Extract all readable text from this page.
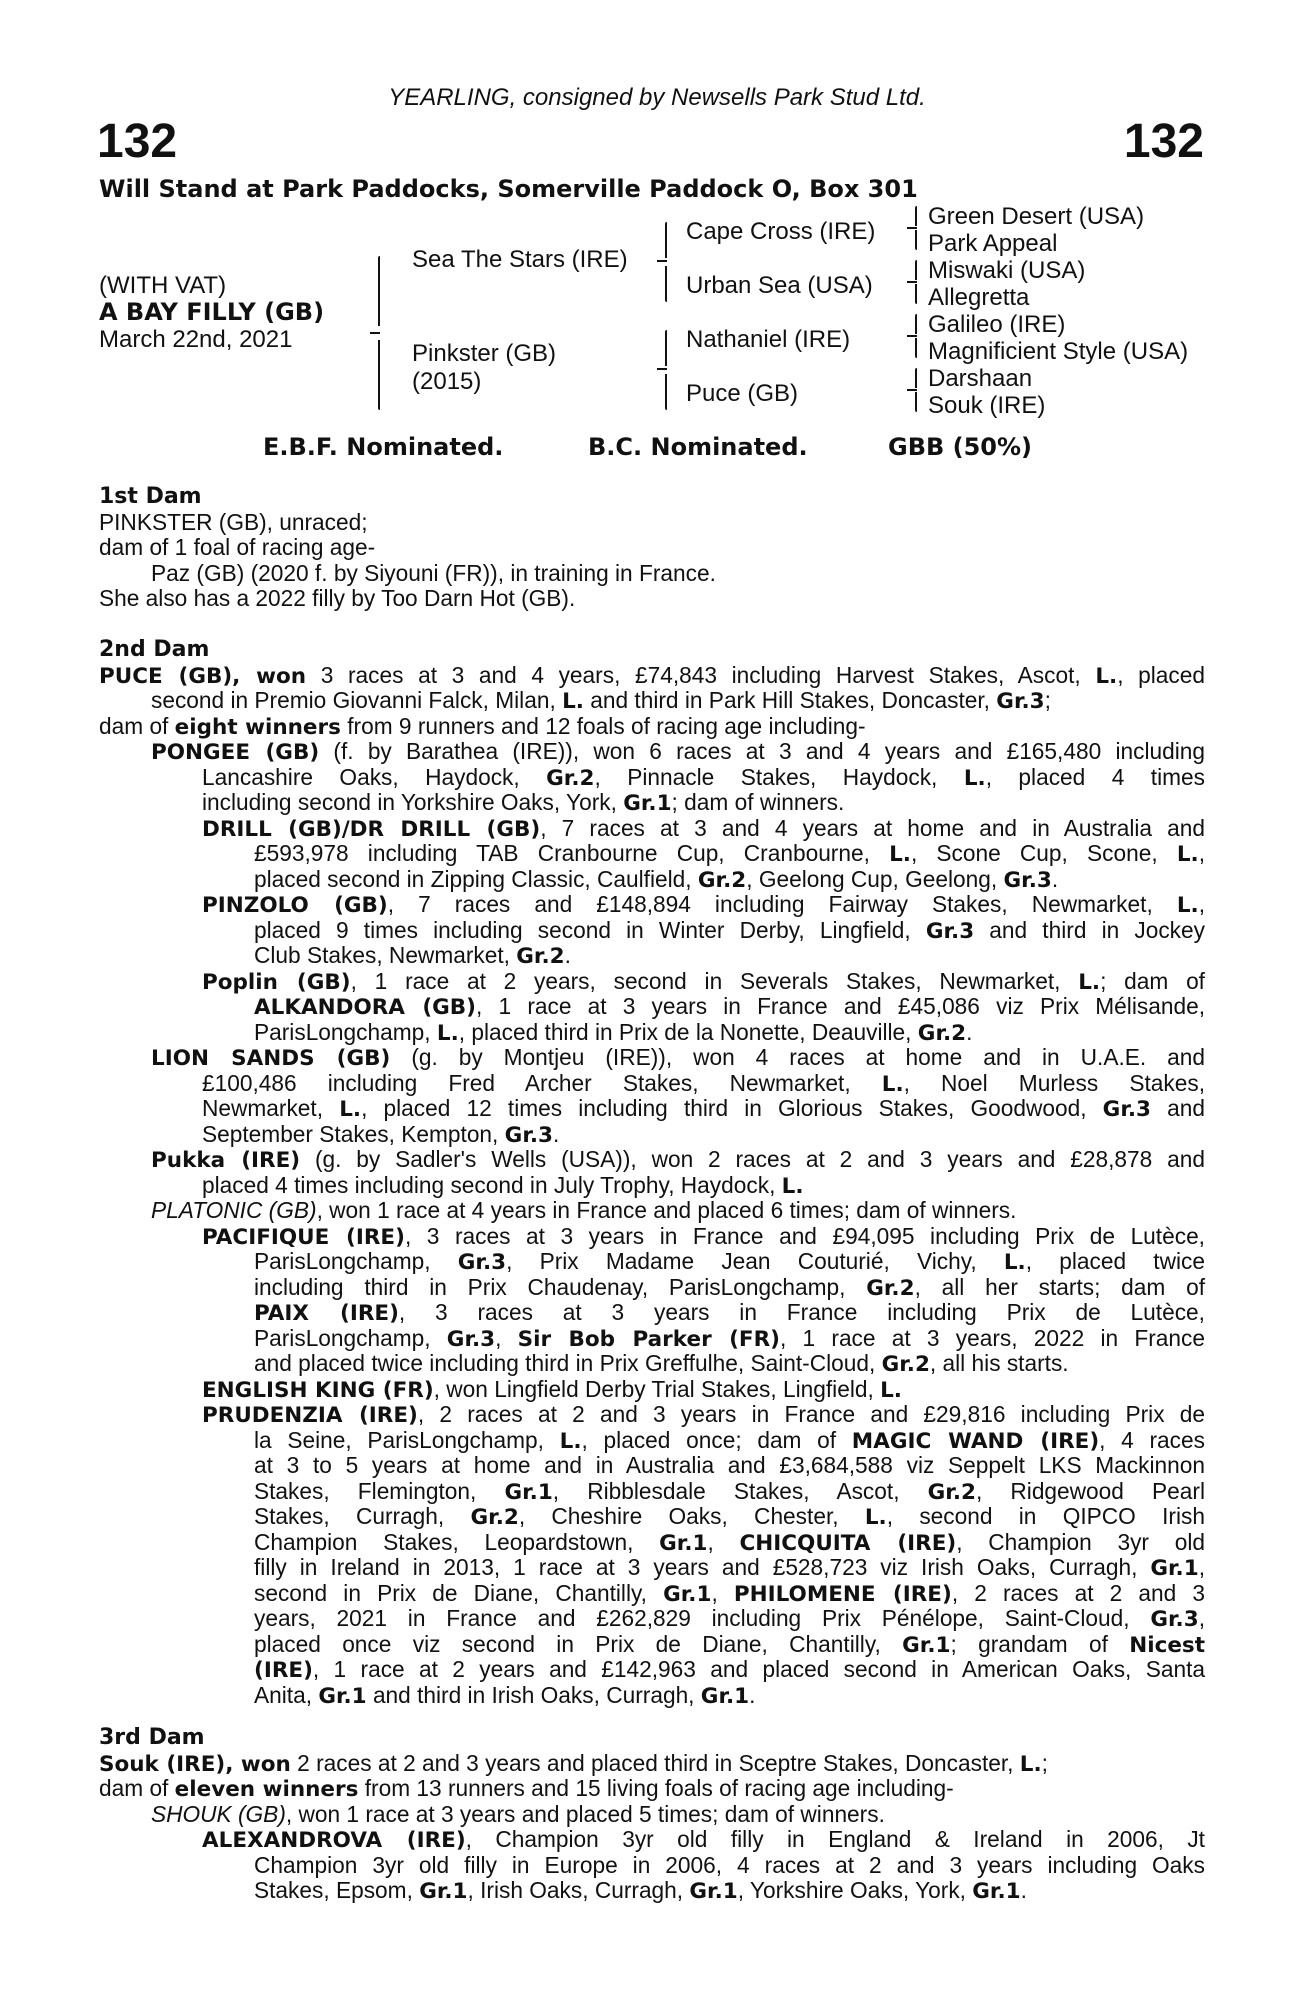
YEARLING, consigned by Newsells Park Stud Ltd.
132	132
Will Stand at Park Paddocks, Somerville Paddock O, Box 301
(WITH VAT)
A BAY FILLY (GB)
March 22nd, 2021
Sea The Stars (IRE)
Pinkster (GB)
(2015)
Cape Cross (IRE)
Urban Sea (USA)
Nathaniel (IRE)
Puce (GB)
Green Desert (USA)
Park Appeal
Miswaki (USA)
Allegretta
Galileo (IRE)
Magnificient Style (USA)
Darshaan
Souk (IRE)
E.B.F. Nominated.	B.C. Nominated.	GBB (50%)
1st Dam
PINKSTER (GB), unraced;
dam of 1 foal of racing age-
Paz (GB) (2020 f. by Siyouni (FR)), in training in France.
She also has a 2022 filly by Too Darn Hot (GB).
2nd Dam
PUCE (GB), won 3 races at 3 and 4 years, £74,843 including Harvest Stakes, Ascot, L., placed
second in Premio Giovanni Falck, Milan, L. and third in Park Hill Stakes, Doncaster, Gr.3;
dam of eight winners from 9 runners and 12 foals of racing age including-
PONGEE (GB) (f. by Barathea (IRE)), won 6 races at 3 and 4 years and £165,480 including
Lancashire Oaks, Haydock, Gr.2, Pinnacle Stakes, Haydock, L., placed 4 times
including second in Yorkshire Oaks, York, Gr.1; dam of winners.
DRILL (GB)/DR DRILL (GB), 7 races at 3 and 4 years at home and in Australia and
£593,978 including TAB Cranbourne Cup, Cranbourne, L., Scone Cup, Scone, L.,
placed second in Zipping Classic, Caulfield, Gr.2, Geelong Cup, Geelong, Gr.3.
PINZOLO (GB), 7 races and £148,894 including Fairway Stakes, Newmarket, L.,
placed 9 times including second in Winter Derby, Lingfield, Gr.3 and third in Jockey
Club Stakes, Newmarket, Gr.2.
Poplin (GB), 1 race at 2 years, second in Severals Stakes, Newmarket, L.; dam of
ALKANDORA (GB), 1 race at 3 years in France and £45,086 viz Prix Mélisande,
ParisLongchamp, L., placed third in Prix de la Nonette, Deauville, Gr.2.
LION SANDS (GB) (g. by Montjeu (IRE)), won 4 races at home and in U.A.E. and
£100,486 including Fred Archer Stakes, Newmarket, L., Noel Murless Stakes,
Newmarket, L., placed 12 times including third in Glorious Stakes, Goodwood, Gr.3 and
September Stakes, Kempton, Gr.3.
Pukka (IRE) (g. by Sadler's Wells (USA)), won 2 races at 2 and 3 years and £28,878 and
placed 4 times including second in July Trophy, Haydock, L.
PLATONIC (GB), won 1 race at 4 years in France and placed 6 times; dam of winners.
PACIFIQUE (IRE), 3 races at 3 years in France and £94,095 including Prix de Lutèce,
ParisLongchamp, Gr.3, Prix Madame Jean Couturié, Vichy, L., placed twice
including third in Prix Chaudenay, ParisLongchamp, Gr.2, all her starts; dam of
PAIX (IRE), 3 races at 3 years in France including Prix de Lutèce,
ParisLongchamp, Gr.3, Sir Bob Parker (FR), 1 race at 3 years, 2022 in France
and placed twice including third in Prix Greffulhe, Saint-Cloud, Gr.2, all his starts.
ENGLISH KING (FR), won Lingfield Derby Trial Stakes, Lingfield, L.
PRUDENZIA (IRE), 2 races at 2 and 3 years in France and £29,816 including Prix de
la Seine, ParisLongchamp, L., placed once; dam of MAGIC WAND (IRE), 4 races
at 3 to 5 years at home and in Australia and £3,684,588 viz Seppelt LKS Mackinnon
Stakes, Flemington, Gr.1, Ribblesdale Stakes, Ascot, Gr.2, Ridgewood Pearl
Stakes, Curragh, Gr.2, Cheshire Oaks, Chester, L., second in QIPCO Irish
Champion Stakes, Leopardstown, Gr.1, CHICQUITA (IRE), Champion 3yr old
filly in Ireland in 2013, 1 race at 3 years and £528,723 viz Irish Oaks, Curragh, Gr.1,
second in Prix de Diane, Chantilly, Gr.1, PHILOMENE (IRE), 2 races at 2 and 3
years, 2021 in France and £262,829 including Prix Pénélope, Saint-Cloud, Gr.3,
placed once viz second in Prix de Diane, Chantilly, Gr.1; grandam of Nicest
(IRE), 1 race at 2 years and £142,963 and placed second in American Oaks, Santa
Anita, Gr.1 and third in Irish Oaks, Curragh, Gr.1.
3rd Dam
Souk (IRE), won 2 races at 2 and 3 years and placed third in Sceptre Stakes, Doncaster, L.;
dam of eleven winners from 13 runners and 15 living foals of racing age including-
SHOUK (GB), won 1 race at 3 years and placed 5 times; dam of winners.
ALEXANDROVA (IRE), Champion 3yr old filly in England & Ireland in 2006, Jt
Champion 3yr old filly in Europe in 2006, 4 races at 2 and 3 years including Oaks
Stakes, Epsom, Gr.1, Irish Oaks, Curragh, Gr.1, Yorkshire Oaks, York, Gr.1.
